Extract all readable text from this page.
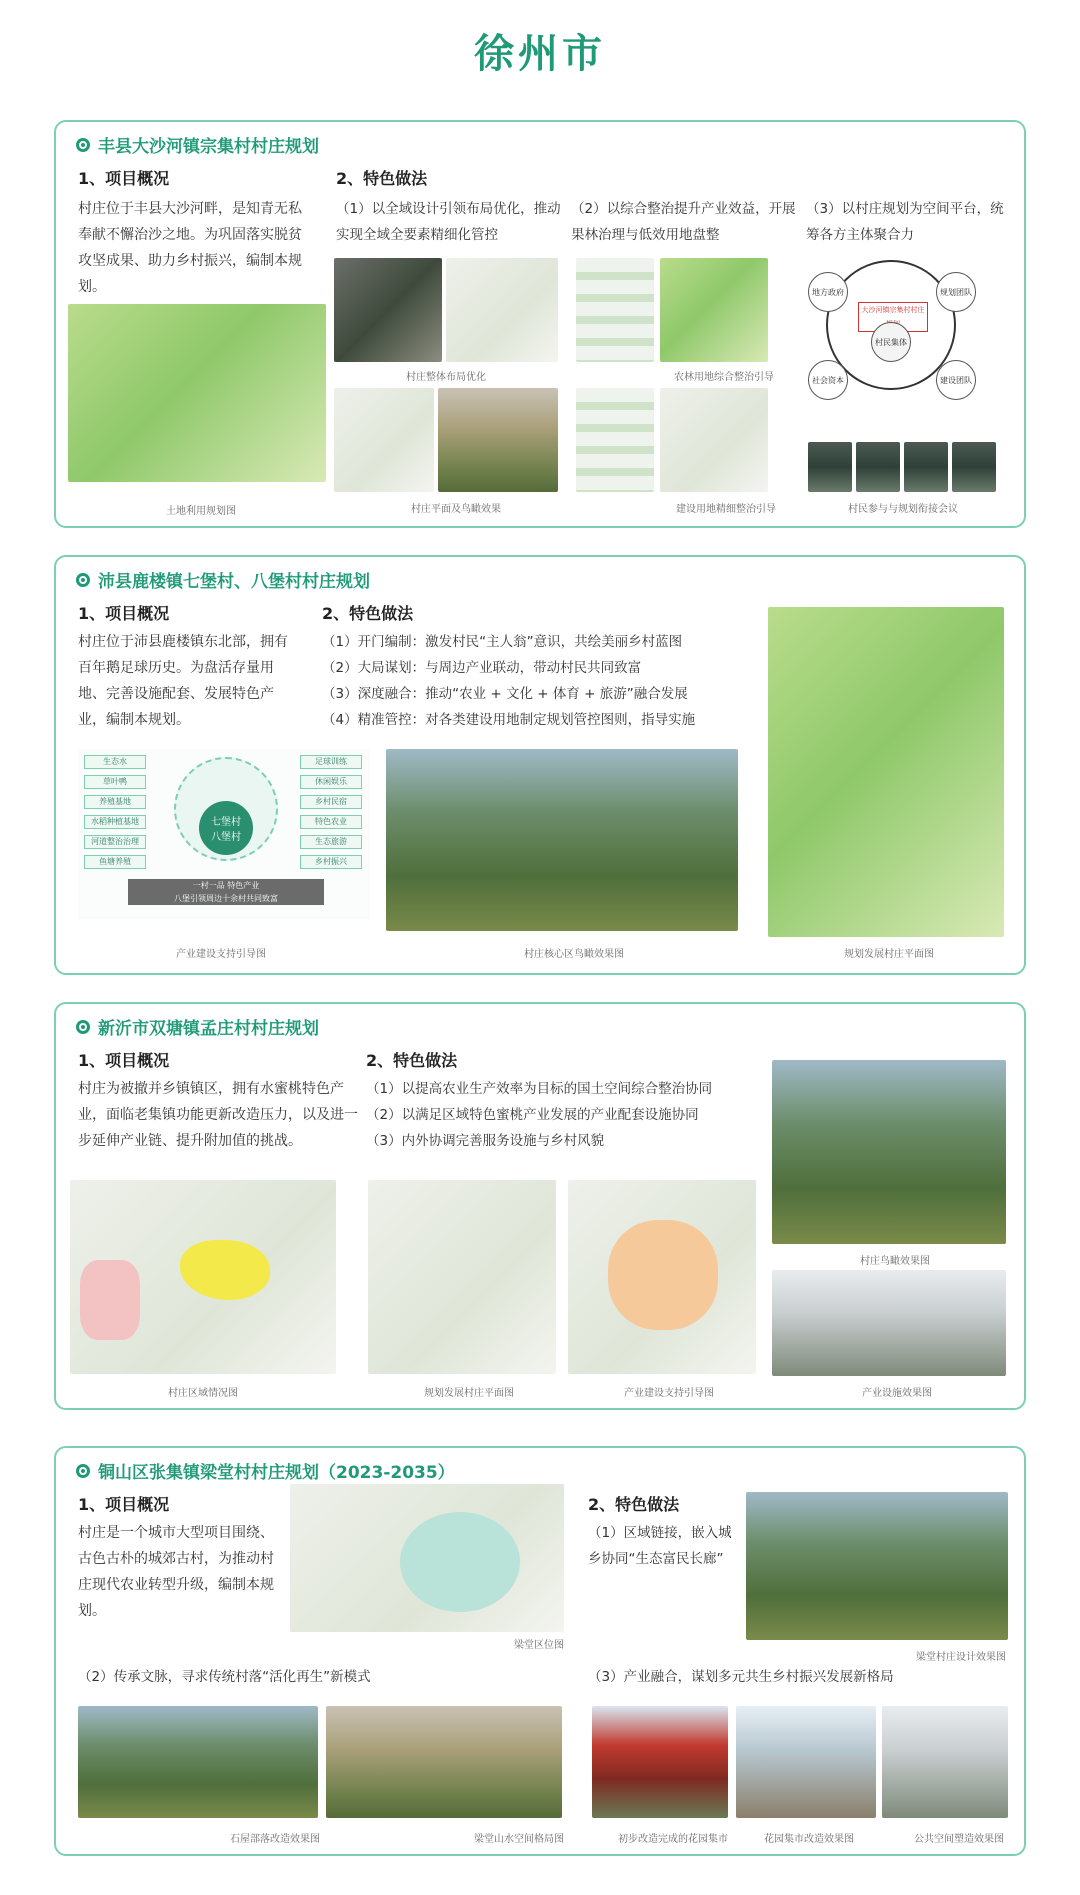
徐州市
丰县大沙河镇宗集村村庄规划
1、项目概况
村庄位于丰县大沙河畔，是知青无私奉献不懈治沙之地。为巩固落实脱贫攻坚成果、助力乡村振兴，编制本规划。
2、特色做法
（1）以全域设计引领布局优化，推动实现全域全要素精细化管控
（2）以综合整治提升产业效益，开展果林治理与低效用地盘整
（3）以村庄规划为空间平台，统筹各方主体聚合力
土地利用规划图
村庄整体布局优化
村庄平面及鸟瞰效果
农林用地综合整治引导
建设用地精细整治引导
大沙河镇宗集村村庄
地方政府	规划团队
社会资本	建设团队
村民集体
村民参与与规划衔接会议
沛县鹿楼镇七堡村、八堡村村庄规划
1、项目概况
村庄位于沛县鹿楼镇东北部，拥有百年鹅足球历史。为盘活存量用地、完善设施配套、发展特色产业，编制本规划。
2、特色做法
（1）开门编制：激发村民“主人翁”意识，共绘美丽乡村蓝图
（2）大局谋划：与周边产业联动，带动村民共同致富
（3）深度融合：推动“农业 + 文化 + 体育 + 旅游”融合发展
（4）精准管控：对各类建设用地制定规划管控图则，指导实施
生态水
草叶鸭
养殖基地
水稻种植基地
河道整治治理
鱼塘养殖
七堡村
八堡村
足球训练
休闲娱乐
乡村民宿
特色农业
生态旅游
乡村振兴
一村一品 特色产业
八堡引领周边十余村共同致富
产业建设支持引导图	村庄核心区鸟瞰效果图	规划发展村庄平面图
新沂市双塘镇孟庄村村庄规划
1、项目概况
村庄为被撤并乡镇镇区，拥有水蜜桃特色产业，面临老集镇功能更新改造压力，以及进一步延伸产业链、提升附加值的挑战。
2、特色做法
（1）以提高农业生产效率为目标的国土空间综合整治协同
（2）以满足区域特色蜜桃产业发展的产业配套设施协同
（3）内外协调完善服务设施与乡村风貌
村庄区域情况图	规划发展村庄平面图	产业建设支持引导图
村庄鸟瞰效果图
产业设施效果图
铜山区张集镇梁堂村村庄规划（2023-2035）
1、项目概况
村庄是一个城市大型项目围绕、古色古朴的城郊古村，为推动村庄现代农业转型升级，编制本规划。
梁堂区位图
2、特色做法
（1）区域链接，嵌入城乡协同“生态富民长廊”
梁堂村庄设计效果图
（2）传承文脉，寻求传统村落“活化再生”新模式	（3）产业融合，谋划多元共生乡村振兴发展新格局
石屋部落改造效果图	梁堂山水空间格局图	初步改造完成的花园集市	花园集市改造效果图	公共空间塑造效果图
